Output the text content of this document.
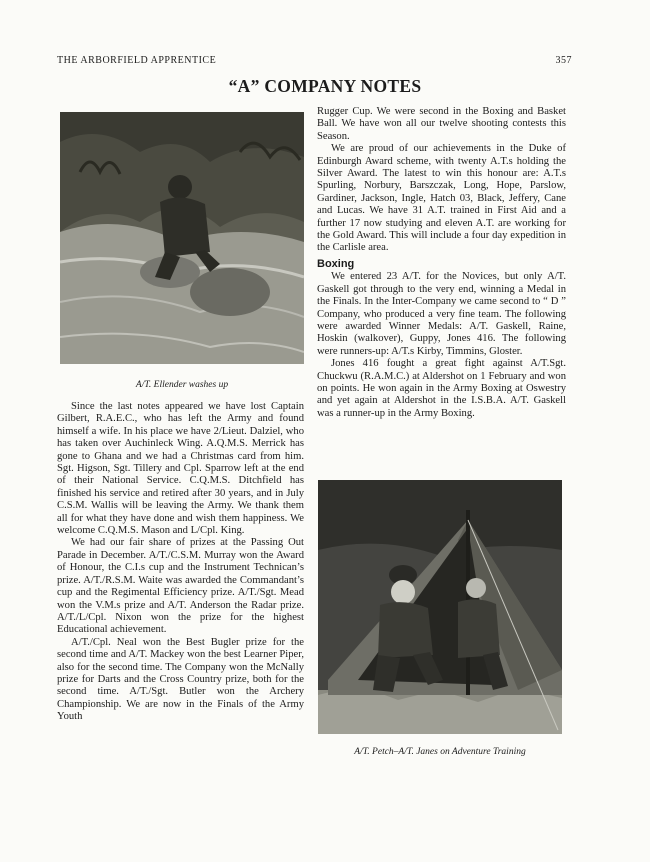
THE ARBORFIELD APPRENTICE	357
“A” COMPANY NOTES
A/T. Ellender washes up

Since the last notes appeared we have lost Captain Gilbert, R.A.E.C., who has left the Army and found himself a wife. In his place we have 2/Lieut. Dalziel, who has taken over Auchinleck Wing. A.Q.M.S. Merrick has gone to Ghana and we had a Christmas card from him. Sgt. Higson, Sgt. Tillery and Cpl. Sparrow left at the end of their National Service. C.Q.M.S. Ditchfield has finished his service and retired after 30 years, and in July C.S.M. Wallis will be leaving the Army. We thank them all for what they have done and wish them happiness. We welcome C.Q.M.S. Mason and L/Cpl. King.

We had our fair share of prizes at the Passing Out Parade in December. A/T./C.S.M. Murray won the Award of Honour, the C.I.s cup and the Instrument Technican’s prize. A/T./R.S.M. Waite was awarded the Commandant’s cup and the Regimental Efficiency prize. A/T./Sgt. Mead won the V.M.s prize and A/T. Anderson the Radar prize. A/T./L/Cpl. Nixon won the prize for the highest Educational achievement.

A/T./Cpl. Neal won the Best Bugler prize for the second time and A/T. Mackey won the best Learner Piper, also for the second time. The Company won the McNally prize for Darts and the Cross Country prize, both for the second time. A/T./Sgt. Butler won the Archery Championship. We are now in the Finals of the Army Youth

Rugger Cup. We were second in the Boxing and Basket Ball. We have won all our twelve shooting contests this Season.

We are proud of our achievements in the Duke of Edinburgh Award scheme, with twenty A.T.s holding the Silver Award. The latest to win this honour are: A.T.s Spurling, Norbury, Barszczak, Long, Hope, Parslow, Gardiner, Jackson, Ingle, Hatch 03, Black, Jeffery, Cane and Lucas. We have 31 A.T. trained in First Aid and a further 17 now studying and eleven A.T. are working for the Gold Award. This will include a four day expedition in the Carlisle area.

Boxing

We entered 23 A/T. for the Novices, but only A/T. Gaskell got through to the very end, winning a Medal in the Finals. In the Inter-Company we came second to “ D ” Company, who produced a very fine team. The following were awarded Winner Medals: A/T. Gaskell, Raine, Hoskin (walkover), Guppy, Jones 416. The following were runners-up: A/T.s Kirby, Timmins, Gloster.

Jones 416 fought a great fight against A/T.Sgt. Chuckwu (R.A.M.C.) at Aldershot on 1 February and won on points. He won again in the Army Boxing at Oswestry and yet again at Aldershot in the I.S.B.A. A/T. Gaskell was a runner-up in the Army Boxing.

A/T. Petch–A/T. Janes on Adventure Training
